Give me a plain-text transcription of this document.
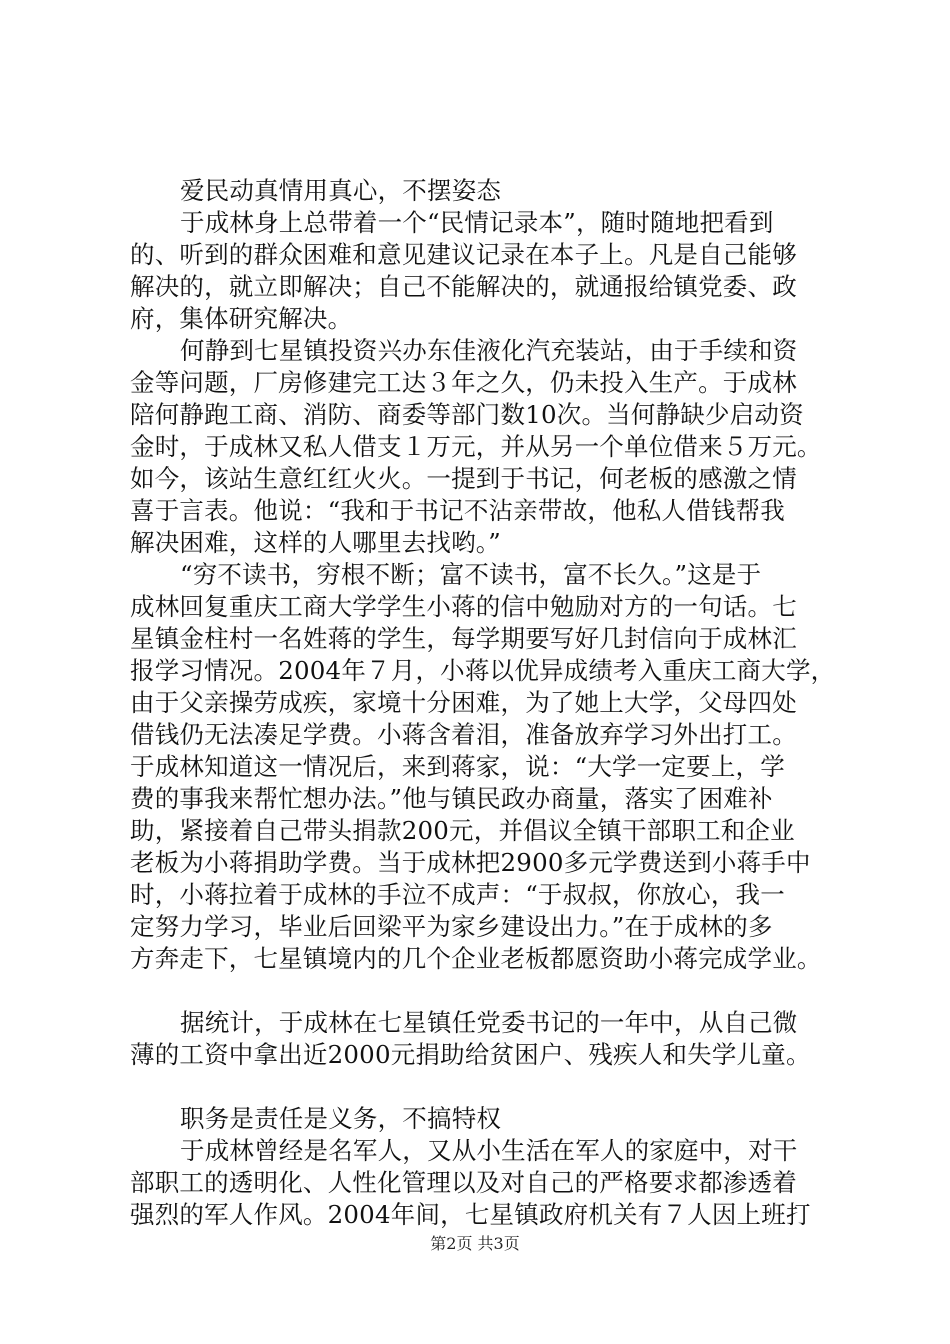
爱民动真情用真心，不摆姿态
于成林身上总带着一个“民情记录本”，随时随地把看到
的、听到的群众困难和意见建议记录在本子上。凡是自己能够
解决的，就立即解决；自己不能解决的，就通报给镇党委、政
府，集体研究解决。
何静到七星镇投资兴办东佳液化汽充装站，由于手续和资
金等问题，厂房修建完工达３年之久，仍未投入生产。于成林
陪何静跑工商、消防、商委等部门数10次。当何静缺少启动资
金时，于成林又私人借支１万元，并从另一个单位借来５万元。
如今，该站生意红红火火。一提到于书记，何老板的感激之情
喜于言表。他说：“我和于书记不沾亲带故，他私人借钱帮我
解决困难，这样的人哪里去找哟。”
“穷不读书，穷根不断；富不读书，富不长久。”这是于
成林回复重庆工商大学学生小蒋的信中勉励对方的一句话。七
星镇金柱村一名姓蒋的学生，每学期要写好几封信向于成林汇
报学习情况。2004年７月，小蒋以优异成绩考入重庆工商大学，
由于父亲操劳成疾，家境十分困难，为了她上大学，父母四处
借钱仍无法凑足学费。小蒋含着泪，准备放弃学习外出打工。
于成林知道这一情况后，来到蒋家，说：“大学一定要上，学
费的事我来帮忙想办法。”他与镇民政办商量，落实了困难补
助，紧接着自己带头捐款200元，并倡议全镇干部职工和企业
老板为小蒋捐助学费。当于成林把2900多元学费送到小蒋手中
时，小蒋拉着于成林的手泣不成声：“于叔叔，你放心，我一
定努力学习，毕业后回梁平为家乡建设出力。”在于成林的多
方奔走下，七星镇境内的几个企业老板都愿资助小蒋完成学业。
据统计，于成林在七星镇任党委书记的一年中，从自己微
薄的工资中拿出近2000元捐助给贫困户、残疾人和失学儿童。
职务是责任是义务，不搞特权
于成林曾经是名军人，又从小生活在军人的家庭中，对干
部职工的透明化、人性化管理以及对自己的严格要求都渗透着
强烈的军人作风。2004年间，七星镇政府机关有７人因上班打
第2页 共3页
